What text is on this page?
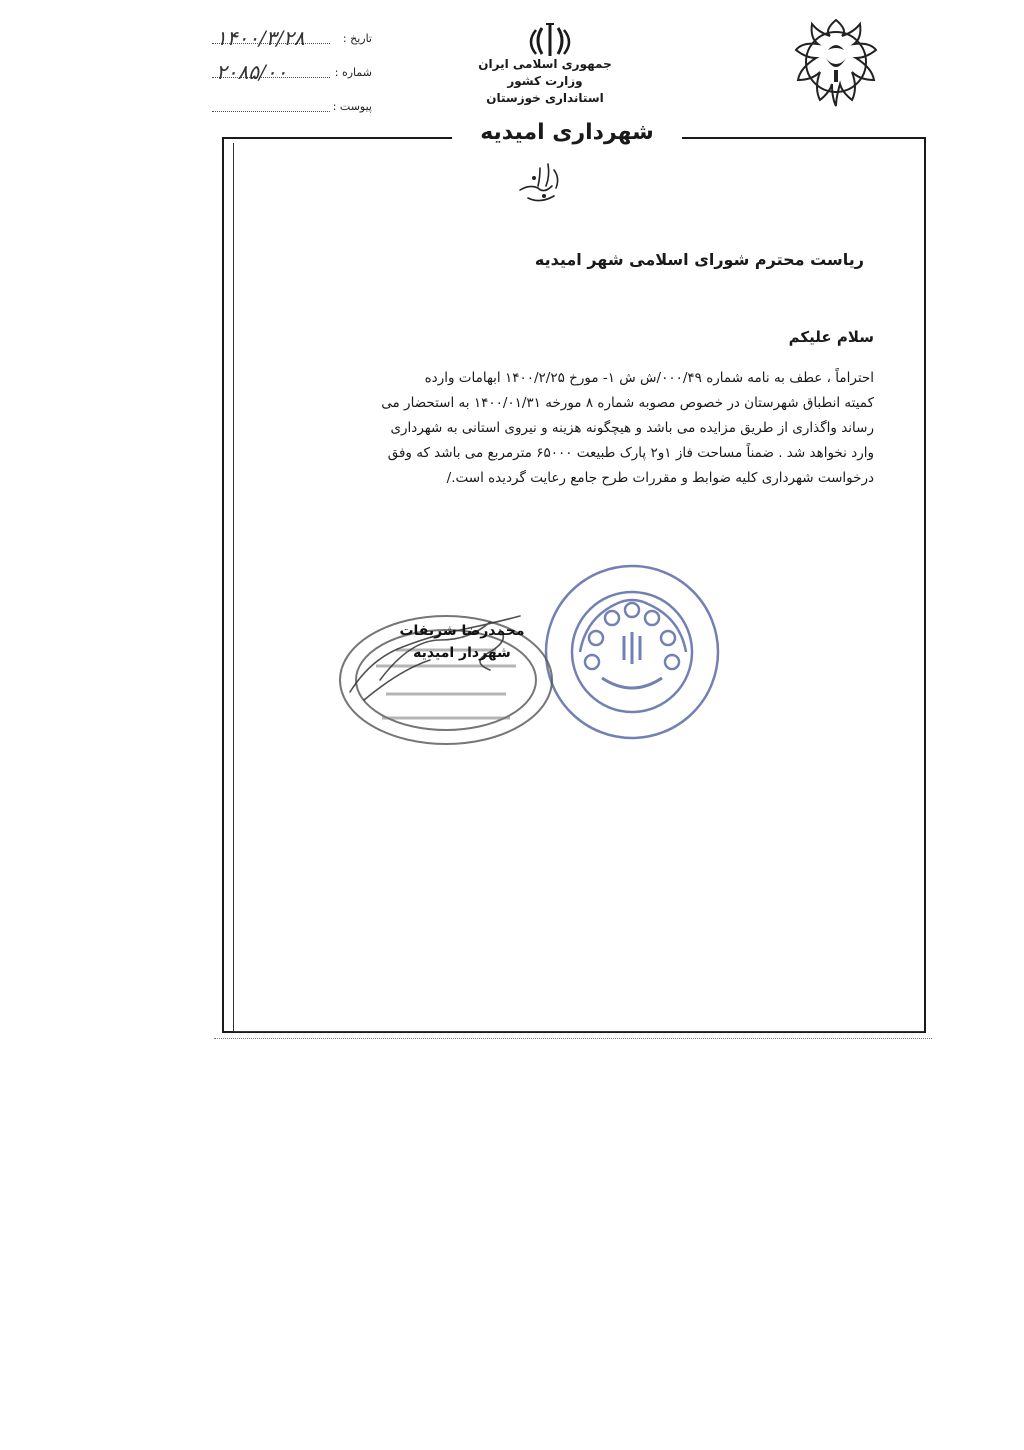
تاریخ :
۱۴۰۰/۳/۲۸
شماره :
۲۰۸۵/۰۰
پیوست :
جمهوری اسلامی ایران
وزارت کشور
استانداری خوزستان
شهرداری امیدیه
ریاست محترم شورای اسلامی شهر امیدیه
سلام علیکم
احتراماً ، عطف به نامه شماره ۰۰۰/۴۹/ش ش ۱- مورخ ۱۴۰۰/۲/۲۵ ابهامات وارده
کمیته انطباق شهرستان در خصوص مصوبه شماره ۸ مورخه ۱۴۰۰/۰۱/۳۱ به استحضار می
رساند واگذاری از طریق مزایده می باشد و هیچگونه هزینه و نیروی استانی به شهرداری
وارد نخواهد شد . ضمناً مساحت فاز ۱و۲ پارک طبیعت ۶۵۰۰۰ مترمربع می باشد که وفق
درخواست شهرداری کلیه ضوابط و مقررات طرح جامع رعایت گردیده است./
محمدرضا شریفات
شهردار امیدیه
